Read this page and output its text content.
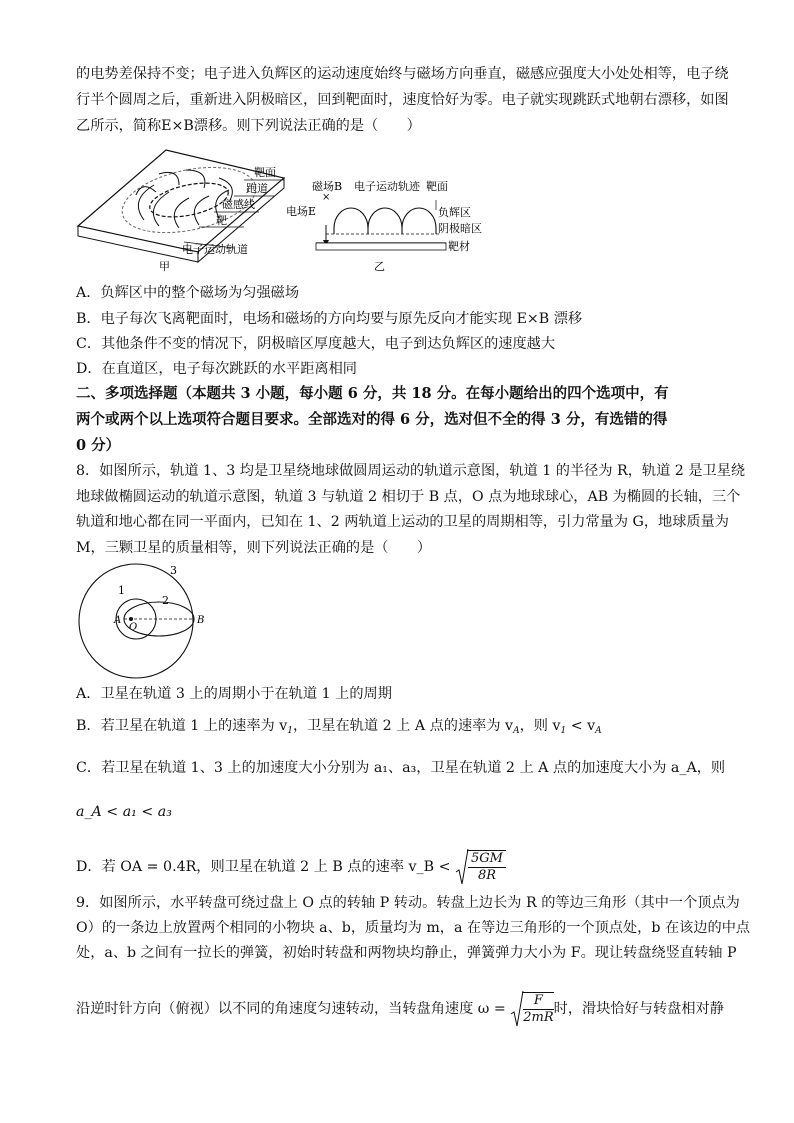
的电势差保持不变；电子进入负辉区的运动速度始终与磁场方向垂直，磁感应强度大小处处相等，电子绕
行半个圆周之后，重新进入阴极暗区，回到靶面时，速度恰好为零。电子就实现跳跃式地朝右漂移，如图
乙所示，简称E×B漂移。则下列说法正确的是（　　）
靶面
跑道
磁感线
靶
电子运动轨道
甲
磁场B 电子运动轨迹 靶面
×
电场E	负辉区
阴极暗区
靶材
乙
A．负辉区中的整个磁场为匀强磁场
B．电子每次飞离靶面时，电场和磁场的方向均要与原先反向才能实现 E×B 漂移
C．其他条件不变的情况下，阴极暗区厚度越大，电子到达负辉区的速度越大
D．在直道区，电子每次跳跃的水平距离相同
二、多项选择题（本题共 3 小题，每小题 6 分，共 18 分。在每小题给出的四个选项中，有
两个或两个以上选项符合题目要求。全部选对的得 6 分，选对但不全的得 3 分，有选错的得
0 分）
8．如图所示，轨道 1、3 均是卫星绕地球做圆周运动的轨道示意图，轨道 1 的半径为 R，轨道 2 是卫星绕
地球做椭圆运动的轨道示意图，轨道 3 与轨道 2 相切于 B 点，O 点为地球球心，AB 为椭圆的长轴，三个
轨道和地心都在同一平面内，已知在 1、2 两轨道上运动的卫星的周期相等，引力常量为 G，地球质量为
M，三颗卫星的质量相等，则下列说法正确的是（　　）
1
2
3
A
O
B
A．卫星在轨道 3 上的周期小于在轨道 1 上的周期
B．若卫星在轨道 1 上的速率为 $v_1$，卫星在轨道 2 上 A 点的速率为 $v_A$，则 $v_1 < v_A$
C．若卫星在轨道 1、3 上的加速度大小分别为 a₁、a₃，卫星在轨道 2 上 A 点的加速度大小为 a_A，则
a_A < a₁ < a₃
D．若 OA = 0.4R，则卫星在轨道 2 上 B 点的速率 v_B < $\frac{5GM}{8R}$
9．如图所示，水平转盘可绕过盘上 O 点的转轴 P 转动。转盘上边长为 R 的等边三角形（其中一个顶点为
O）的一条边上放置两个相同的小物块 a、b，质量均为 m，a 在等边三角形的一个顶点处，b 在该边的中点
处，a、b 之间有一拉长的弹簧，初始时转盘和两物块均静止，弹簧弹力大小为 F。现让转盘绕竖直转轴 P
沿逆时针方向（俯视）以不同的角速度匀速转动，当转盘角速度 $\omega = \frac{F}{2mR}$ 时，滑块恰好与转盘相对静
